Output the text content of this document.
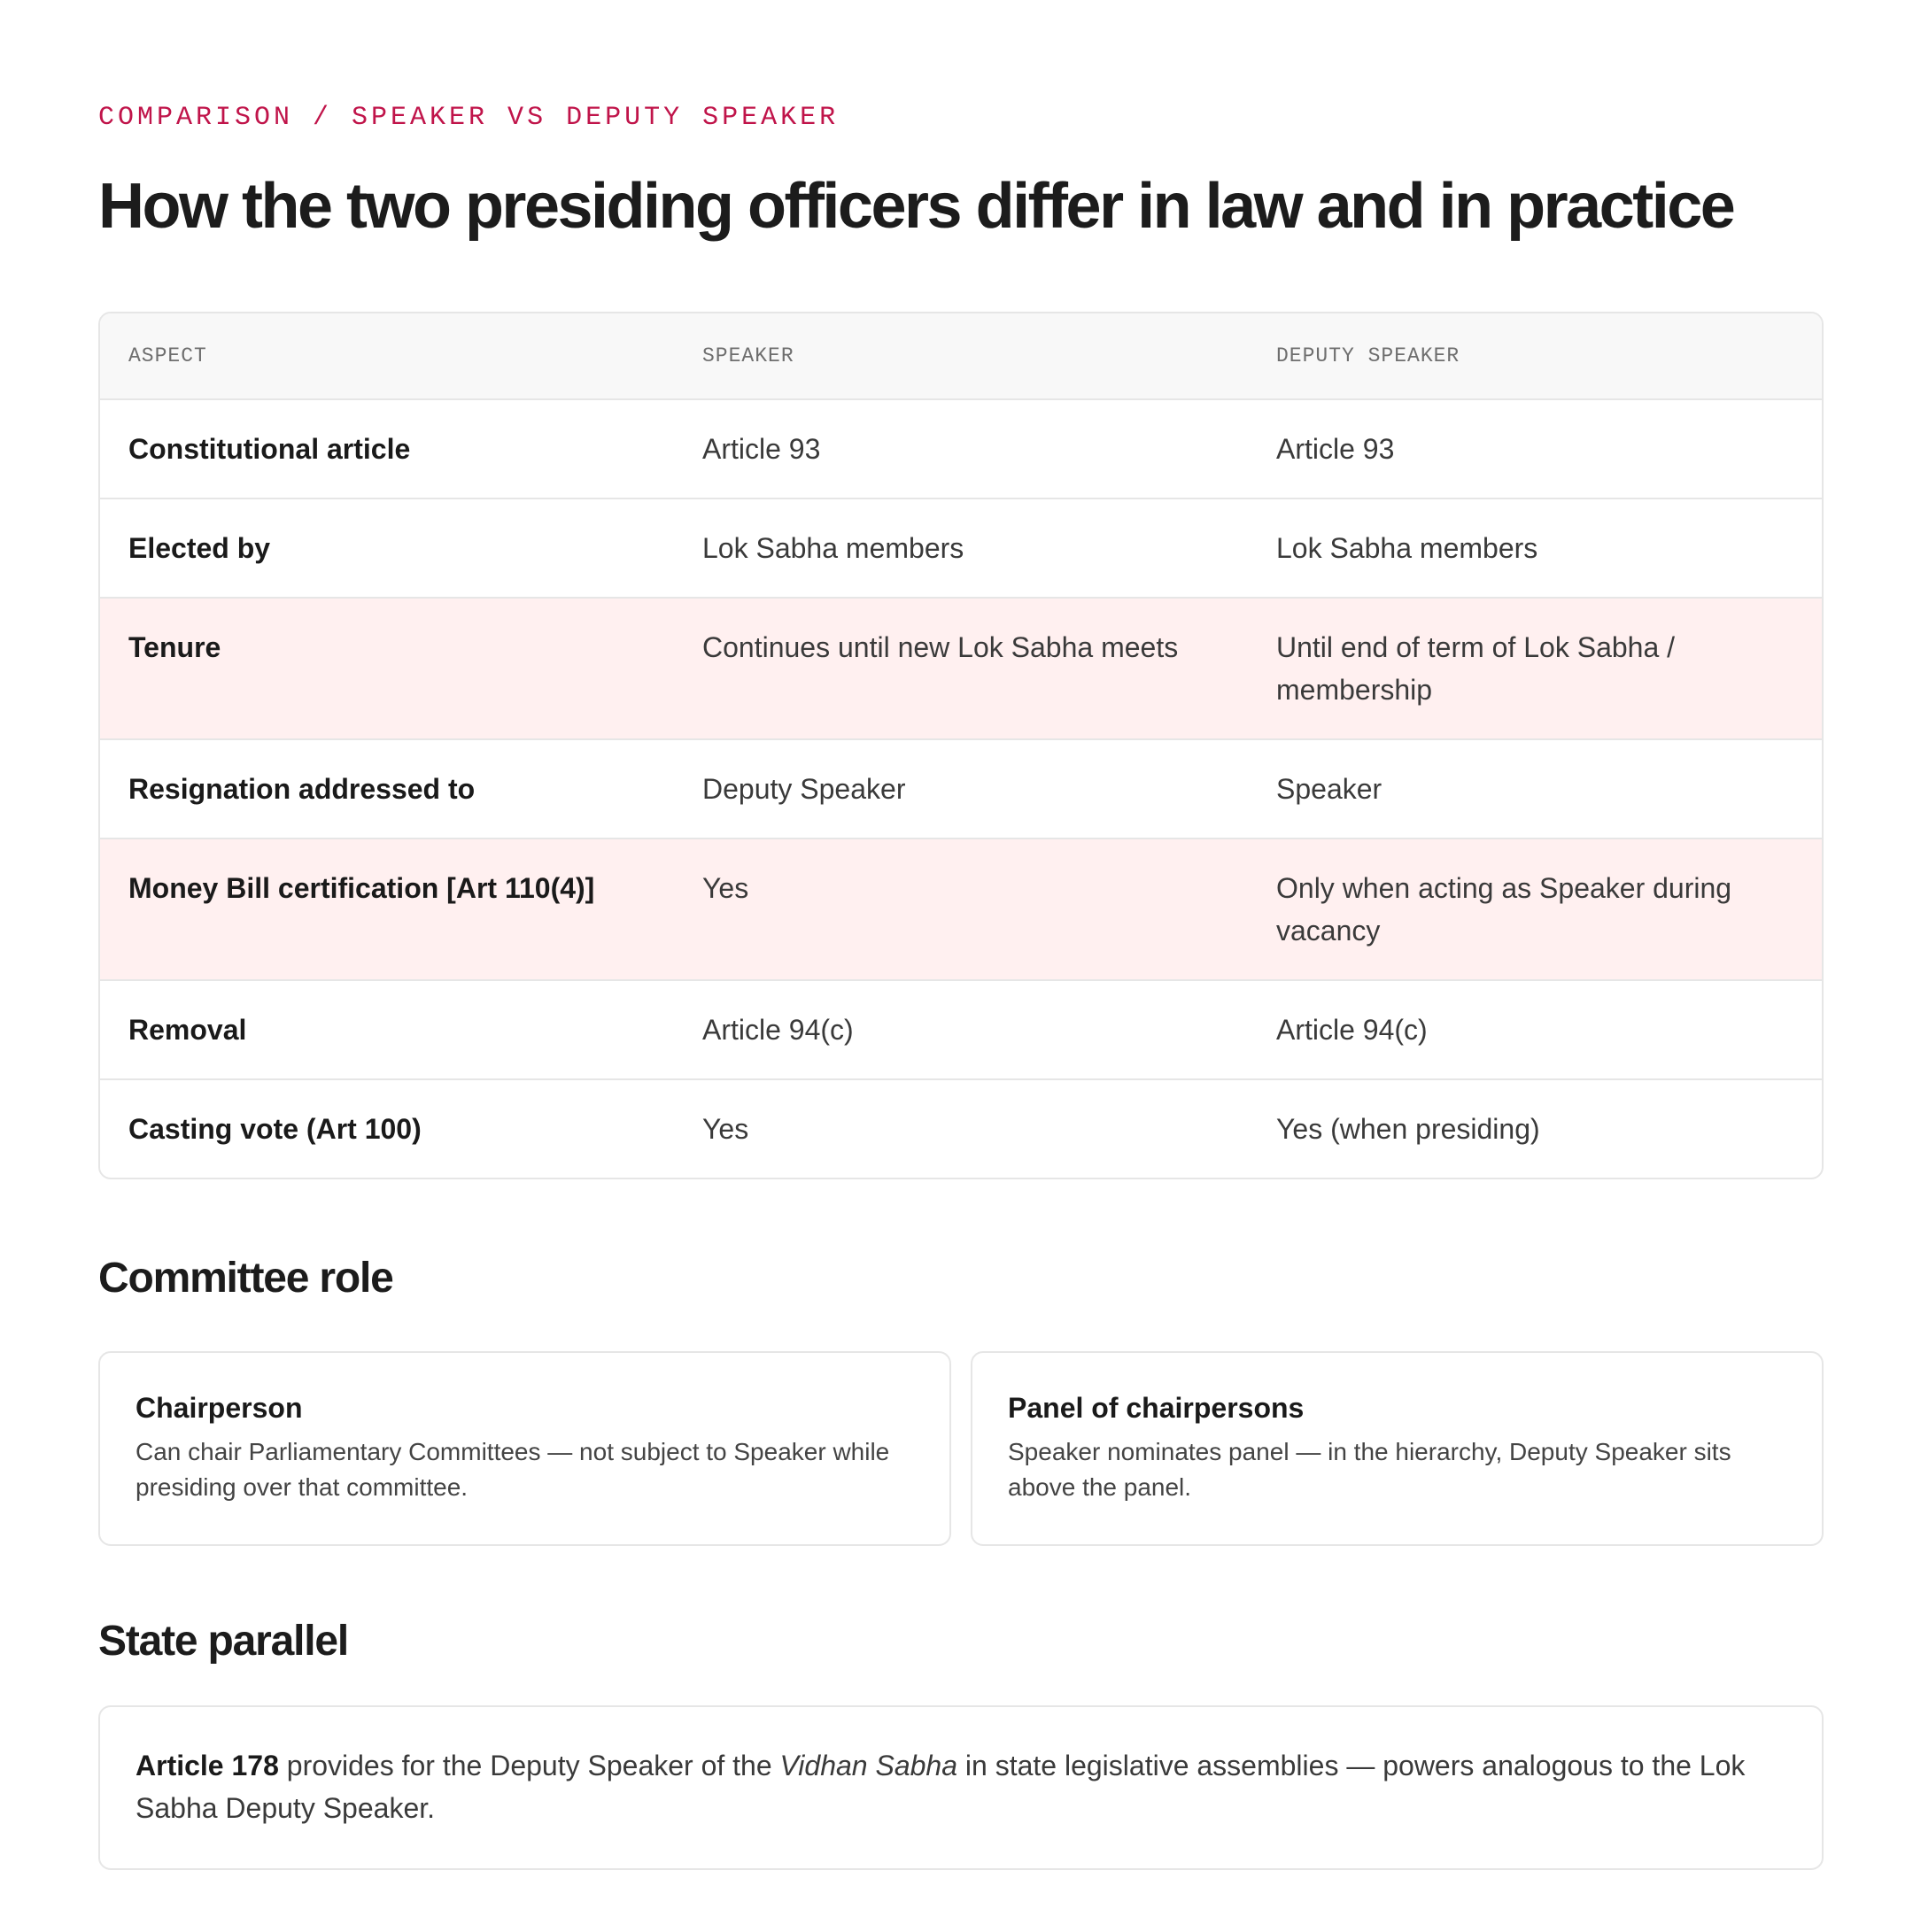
COMPARISON / SPEAKER VS DEPUTY SPEAKER

How the two presiding officers differ in law and in practice
ASPECT	SPEAKER	DEPUTY SPEAKER
Constitutional article	Article 93	Article 93
Elected by	Lok Sabha members	Lok Sabha members
Tenure	Continues until new Lok Sabha meets	Until end of term of Lok Sabha / membership
Resignation addressed to	Deputy Speaker	Speaker
Money Bill certification [Art 110(4)]	Yes	Only when acting as Speaker during vacancy
Removal	Article 94(c)	Article 94(c)
Casting vote (Art 100)	Yes	Yes (when presiding)
Committee role

Chairperson

Can chair Parliamentary Committees — not subject to Speaker while presiding over that committee.

Panel of chairpersons

Speaker nominates panel — in the hierarchy, Deputy Speaker sits above the panel.

State parallel
Article 178 provides for the Deputy Speaker of the Vidhan Sabha in state legislative assemblies — powers analogous to the Lok Sabha Deputy Speaker.
